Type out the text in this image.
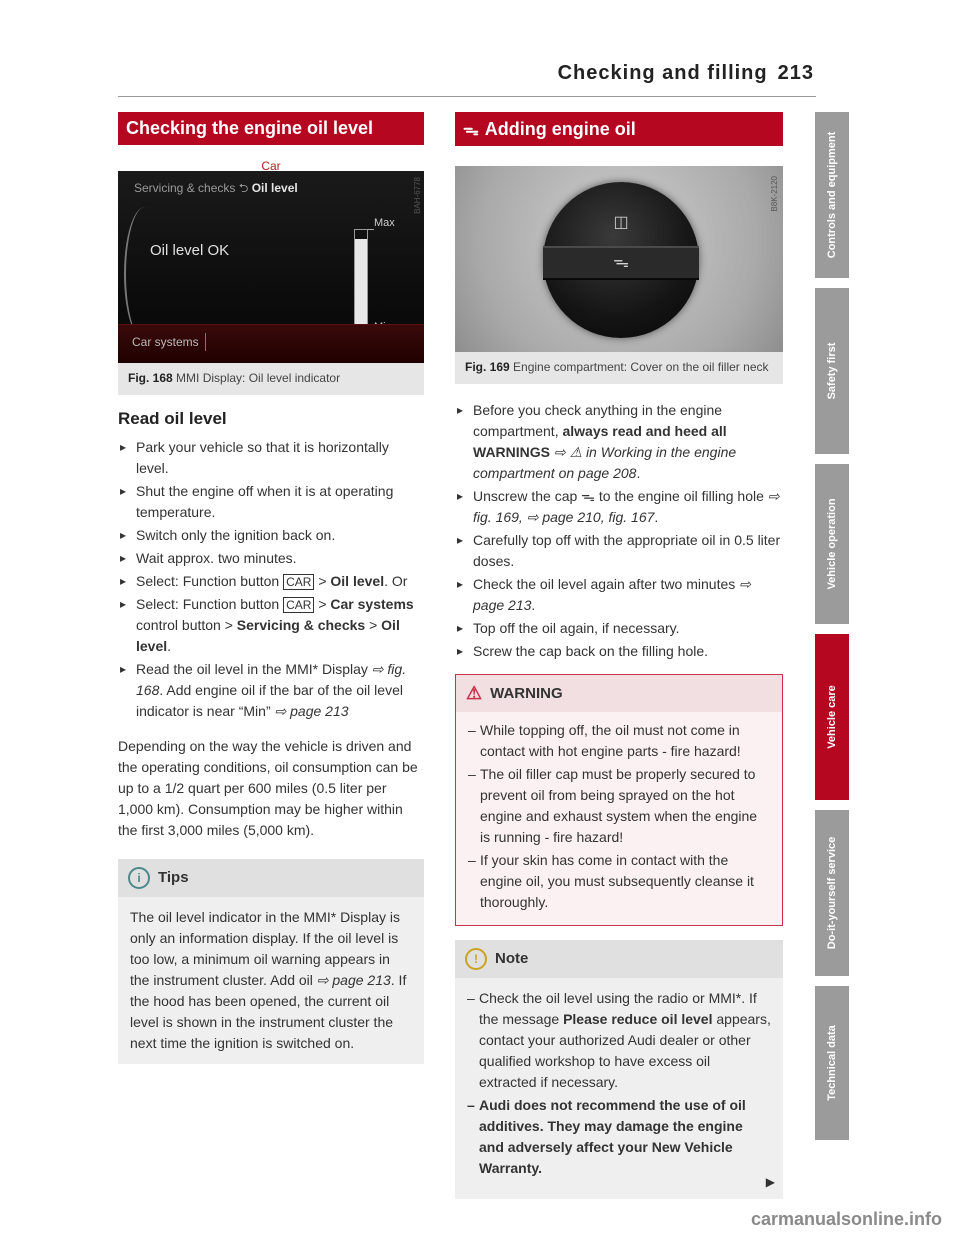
Checking and filling 213
Checking the engine oil level
Car
Servicing & checks ⮌ Oil level
Oil level OK
Max
Car systems
BAH-6778
Fig. 168 MMI Display: Oil level indicator
Read oil level
▸ Park your vehicle so that it is horizontally level.
▸ Shut the engine off when it is at operating temperature.
▸ Switch only the ignition back on.
▸ Wait approx. two minutes.
▸ Select: Function button CAR > Oil level. Or
▸ Select: Function button CAR > Car systems control button > Servicing & checks > Oil level.
▸ Read the oil level in the MMI* Display ⇨ fig. 168. Add engine oil if the bar of the oil level indicator is near “Min” ⇨ page 213
Depending on the way the vehicle is driven and the operating conditions, oil consumption can be up to a 1/2 quart per 600 miles (0.5 liter per 1,000 km). Consumption may be higher within the first 3,000 miles (5,000 km).
i	Tips
The oil level indicator in the MMI* Display is only an information display. If the oil level is too low, a minimum oil warning appears in the instrument cluster. Add oil ⇨ page 213. If the hood has been opened, the current oil level is shown in the instrument cluster the next time the ignition is switched on.
ᯓ Adding engine oil
◫
ᯓ
B8K-2120
Fig. 169 Engine compartment: Cover on the oil filler neck
▸ Before you check anything in the engine compartment, always read and heed all WARNINGS ⇨ ⚠ in Working in the engine compartment on page 208.
▸ Unscrew the cap ᯓ to the engine oil filling hole ⇨ fig. 169, ⇨ page 210, fig. 167.
▸ Carefully top off with the appropriate oil in 0.5 liter doses.
▸ Check the oil level again after two minutes ⇨ page 213.
▸ Top off the oil again, if necessary.
▸ Screw the cap back on the filling hole.
⚠ WARNING
– While topping off, the oil must not come in contact with hot engine parts - fire hazard!
– The oil filler cap must be properly secured to prevent oil from being sprayed on the hot engine and exhaust system when the engine is running - fire hazard!
– If your skin has come in contact with the engine oil, you must subsequently cleanse it thoroughly.
!	Note
– Check the oil level using the radio or MMI*. If the message Please reduce oil level appears, contact your authorized Audi dealer or other qualified workshop to have excess oil extracted if necessary.
– Audi does not recommend the use of oil additives. They may damage the engine and adversely affect your New Vehicle Warranty.
▶
Controls and equipment
Safety first
Vehicle operation
Vehicle care
Do-it-yourself service
Technical data
carmanualsonline.info
